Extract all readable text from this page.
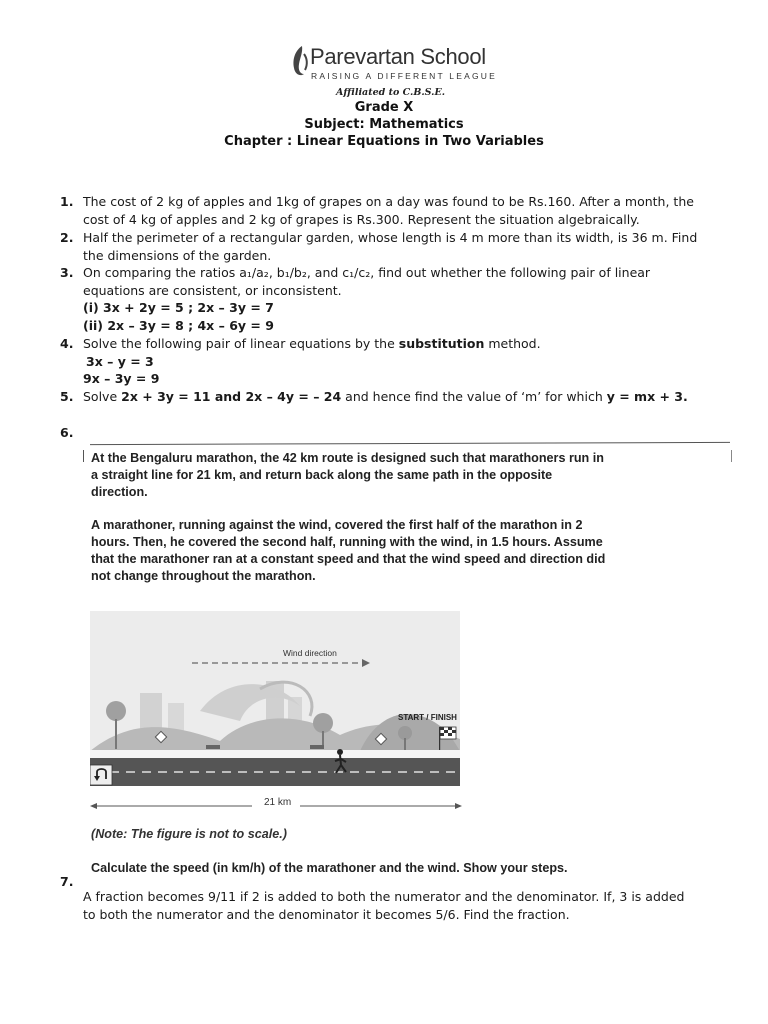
Parevartan School
RAISING A DIFFERENT LEAGUE
Affiliated to C.B.S.E.
Grade X
Subject: Mathematics
Chapter : Linear Equations in Two Variables
1. The cost of 2 kg of apples and 1kg of grapes on a day was found to be Rs.160. After a month, the
cost of 4 kg of apples and 2 kg of grapes is Rs.300. Represent the situation algebraically.
2. Half the perimeter of a rectangular garden, whose length is 4 m more than its width, is 36 m. Find
the dimensions of the garden.
3. On comparing the ratios a₁/a₂, b₁/b₂, and c₁/c₂, find out whether the following pair of linear
equations are consistent, or inconsistent.
(i) 3x + 2y = 5 ; 2x – 3y = 7
(ii) 2x – 3y = 8 ; 4x – 6y = 9
4. Solve the following pair of linear equations by the substitution method.
3x – y = 3
9x – 3y = 9
5. Solve 2x + 3y = 11 and 2x – 4y = – 24 and hence find the value of ‘m’ for which y = mx + 3.
6.
At the Bengaluru marathon, the 42 km route is designed such that marathoners run in
a straight line for 21 km, and return back along the same path in the opposite
direction.
A marathoner, running against the wind, covered the first half of the marathon in 2
hours. Then, he covered the second half, running with the wind, in 1.5 hours. Assume
that the marathoner ran at a constant speed and that the wind speed and direction did
not change throughout the marathon.
Wind direction
START / FINISH
21 km
(Note: The figure is not to scale.)
Calculate the speed (in km/h) of the marathoner and the wind. Show your steps.
7.
A fraction becomes 9/11 if 2 is added to both the numerator and the denominator. If, 3 is added
to both the numerator and the denominator it becomes 5/6. Find the fraction.
